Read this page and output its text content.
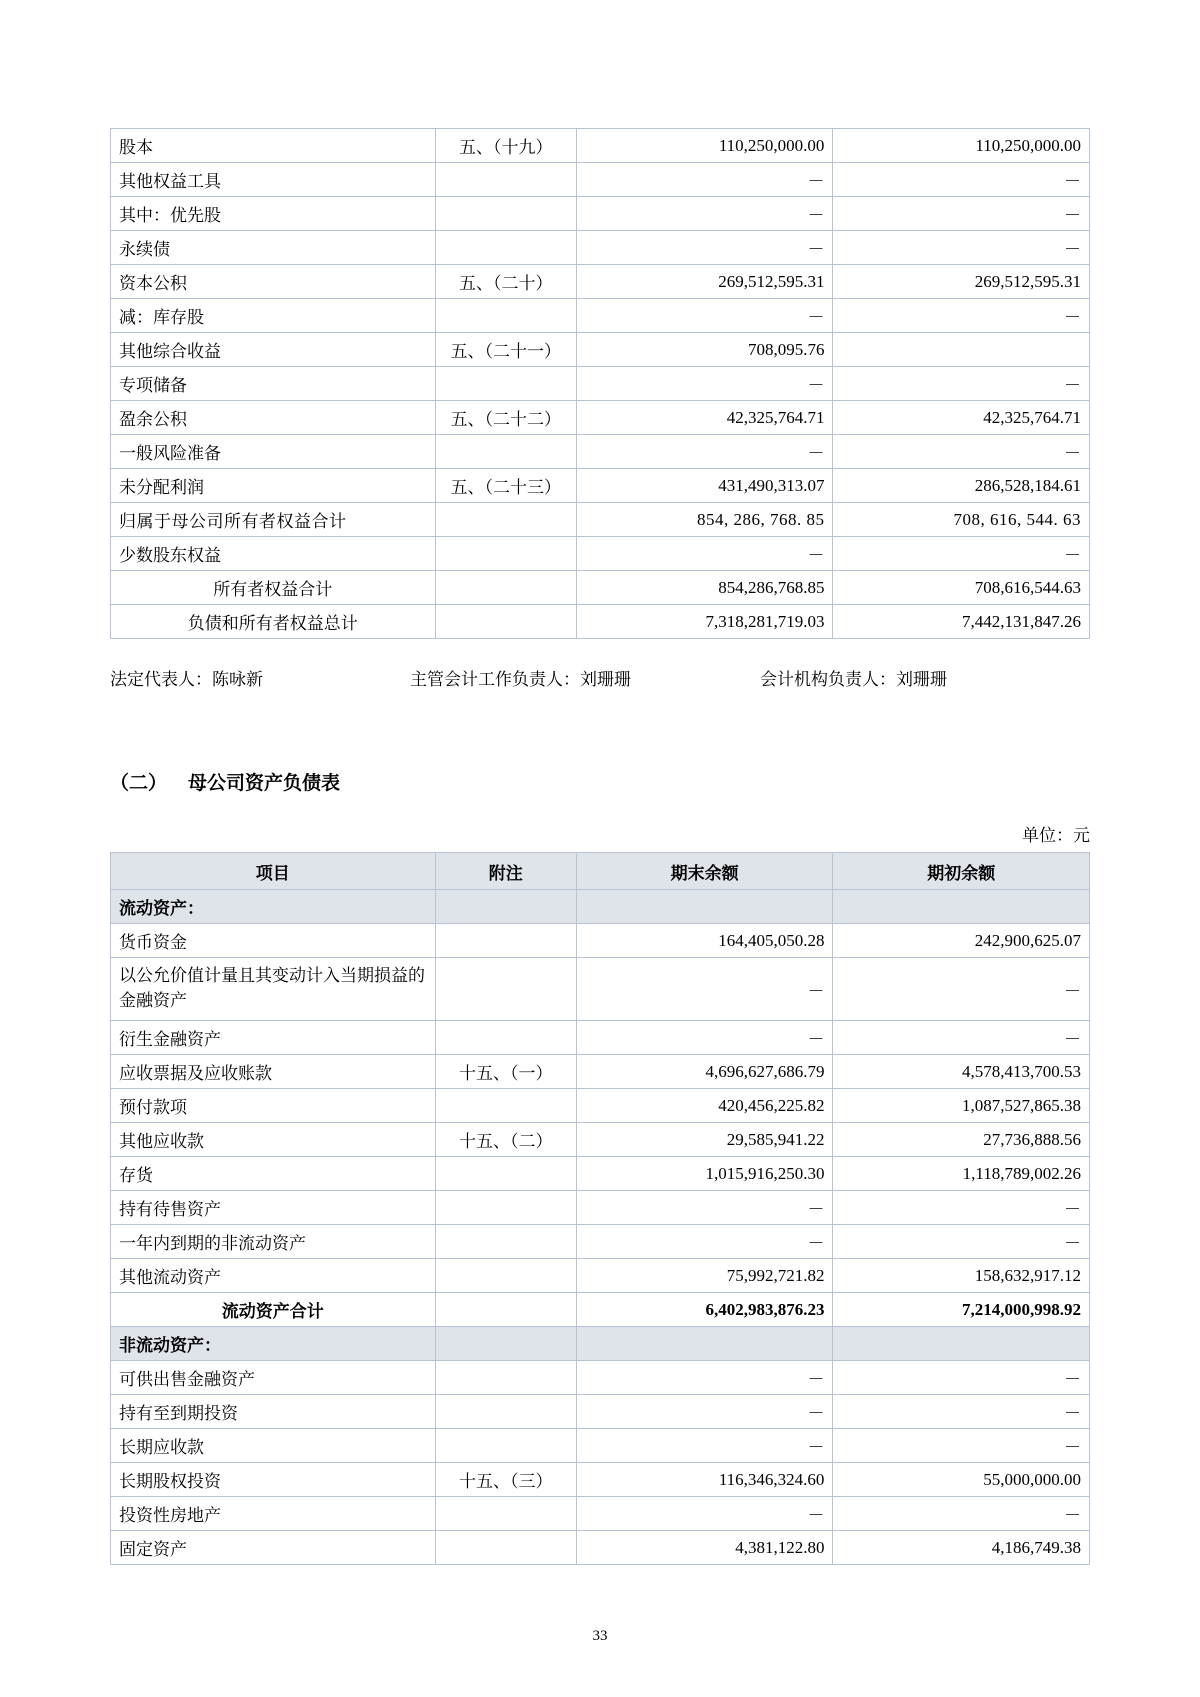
股本	五、（十九）	110,250,000.00	110,250,000.00
其他权益工具		－	－
其中：优先股		－	－
永续债		－	－
资本公积	五、（二十）	269,512,595.31	269,512,595.31
减：库存股		－	－
其他综合收益	五、（二十一）	708,095.76	
专项储备		－	－
盈余公积	五、（二十二）	42,325,764.71	42,325,764.71
一般风险准备		－	－
未分配利润	五、（二十三）	431,490,313.07	286,528,184.61
归属于母公司所有者权益合计		854, 286, 768. 85	708, 616, 544. 63
少数股东权益		－	－
所有者权益合计		854,286,768.85	708,616,544.63
负债和所有者权益总计		7,318,281,719.03	7,442,131,847.26
法定代表人：陈咏新	主管会计工作负责人：刘珊珊	会计机构负责人：刘珊珊
（二）	母公司资产负债表
单位：元
项目	附注	期末余额	期初余额
流动资产：			
货币资金		164,405,050.28	242,900,625.07
以公允价值计量且其变动计入当期损益的金融资产		－	－
衍生金融资产		－	－
应收票据及应收账款	十五、（一）	4,696,627,686.79	4,578,413,700.53
预付款项		420,456,225.82	1,087,527,865.38
其他应收款	十五、（二）	29,585,941.22	27,736,888.56
存货		1,015,916,250.30	1,118,789,002.26
持有待售资产		－	－
一年内到期的非流动资产		－	－
其他流动资产		75,992,721.82	158,632,917.12
流动资产合计		6,402,983,876.23	7,214,000,998.92
非流动资产：			
可供出售金融资产		－	－
持有至到期投资		－	－
长期应收款		－	－
长期股权投资	十五、（三）	116,346,324.60	55,000,000.00
投资性房地产		－	－
固定资产		4,381,122.80	4,186,749.38
33
